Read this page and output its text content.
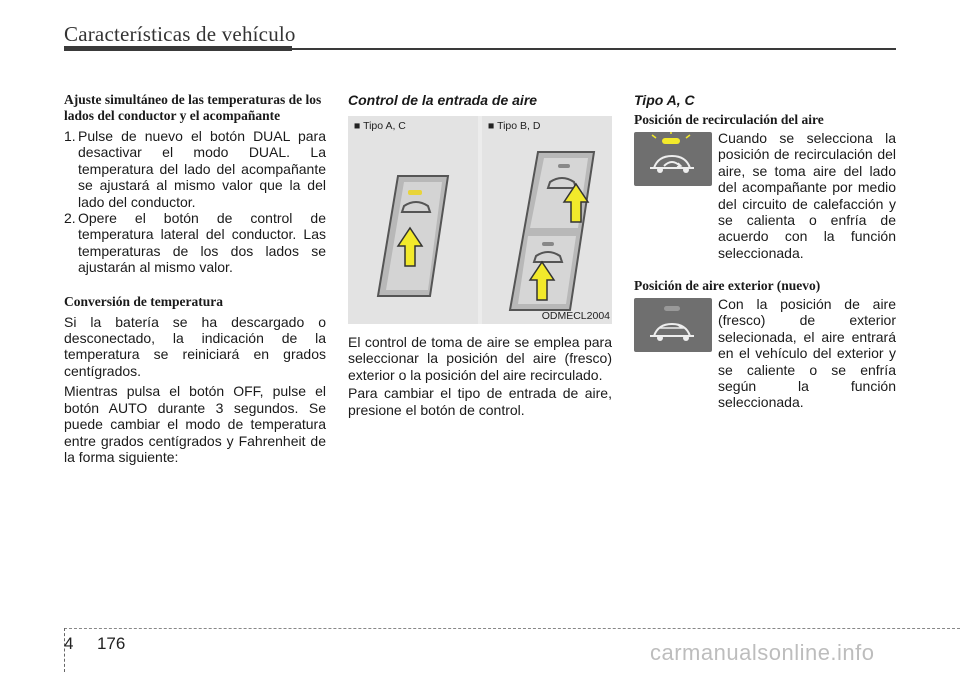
Características de vehículo
Ajuste simultáneo de las temperaturas de los lados del conductor y el acompañante
1. Pulse de nuevo el botón DUAL para desactivar el modo DUAL. La temperatura del lado del acompañante se ajustará al mismo valor que la del lado del conductor.
2. Opere el botón de control de temperatura lateral del conductor. Las temperaturas de los dos lados se ajustarán al mismo valor.
Conversión de temperatura

Si la batería se ha descargado o desconectado, la indicación de la temperatura se reiniciará en grados centígrados.

Mientras pulsa el botón OFF, pulse el botón AUTO durante 3 segundos. Se puede cambiar el modo de temperatura entre grados centígrados y Fahrenheit de la forma siguiente:

Control de la entrada de aire
■ Tipo A, C	■ Tipo B, D
ODMECL2004

El control de toma de aire se emplea para seleccionar la posición del aire (fresco) exterior o la posición del aire recirculado.

Para cambiar el tipo de entrada de aire, presione el botón de control.

Tipo A, C
Posición de recirculación del aire
Cuando se selecciona la posición de recirculación del aire, se toma aire del lado del acompañante por medio del circuito de calefacción y se calienta o enfría de acuerdo con la función seleccionada.
Posición de aire exterior (nuevo)
Con la posición de aire (fresco) de exterior selecionada, el aire entrará en el vehículo del exterior y se caliente o se enfría según la función seleccionada.
4 176	carmanualsonline.info
